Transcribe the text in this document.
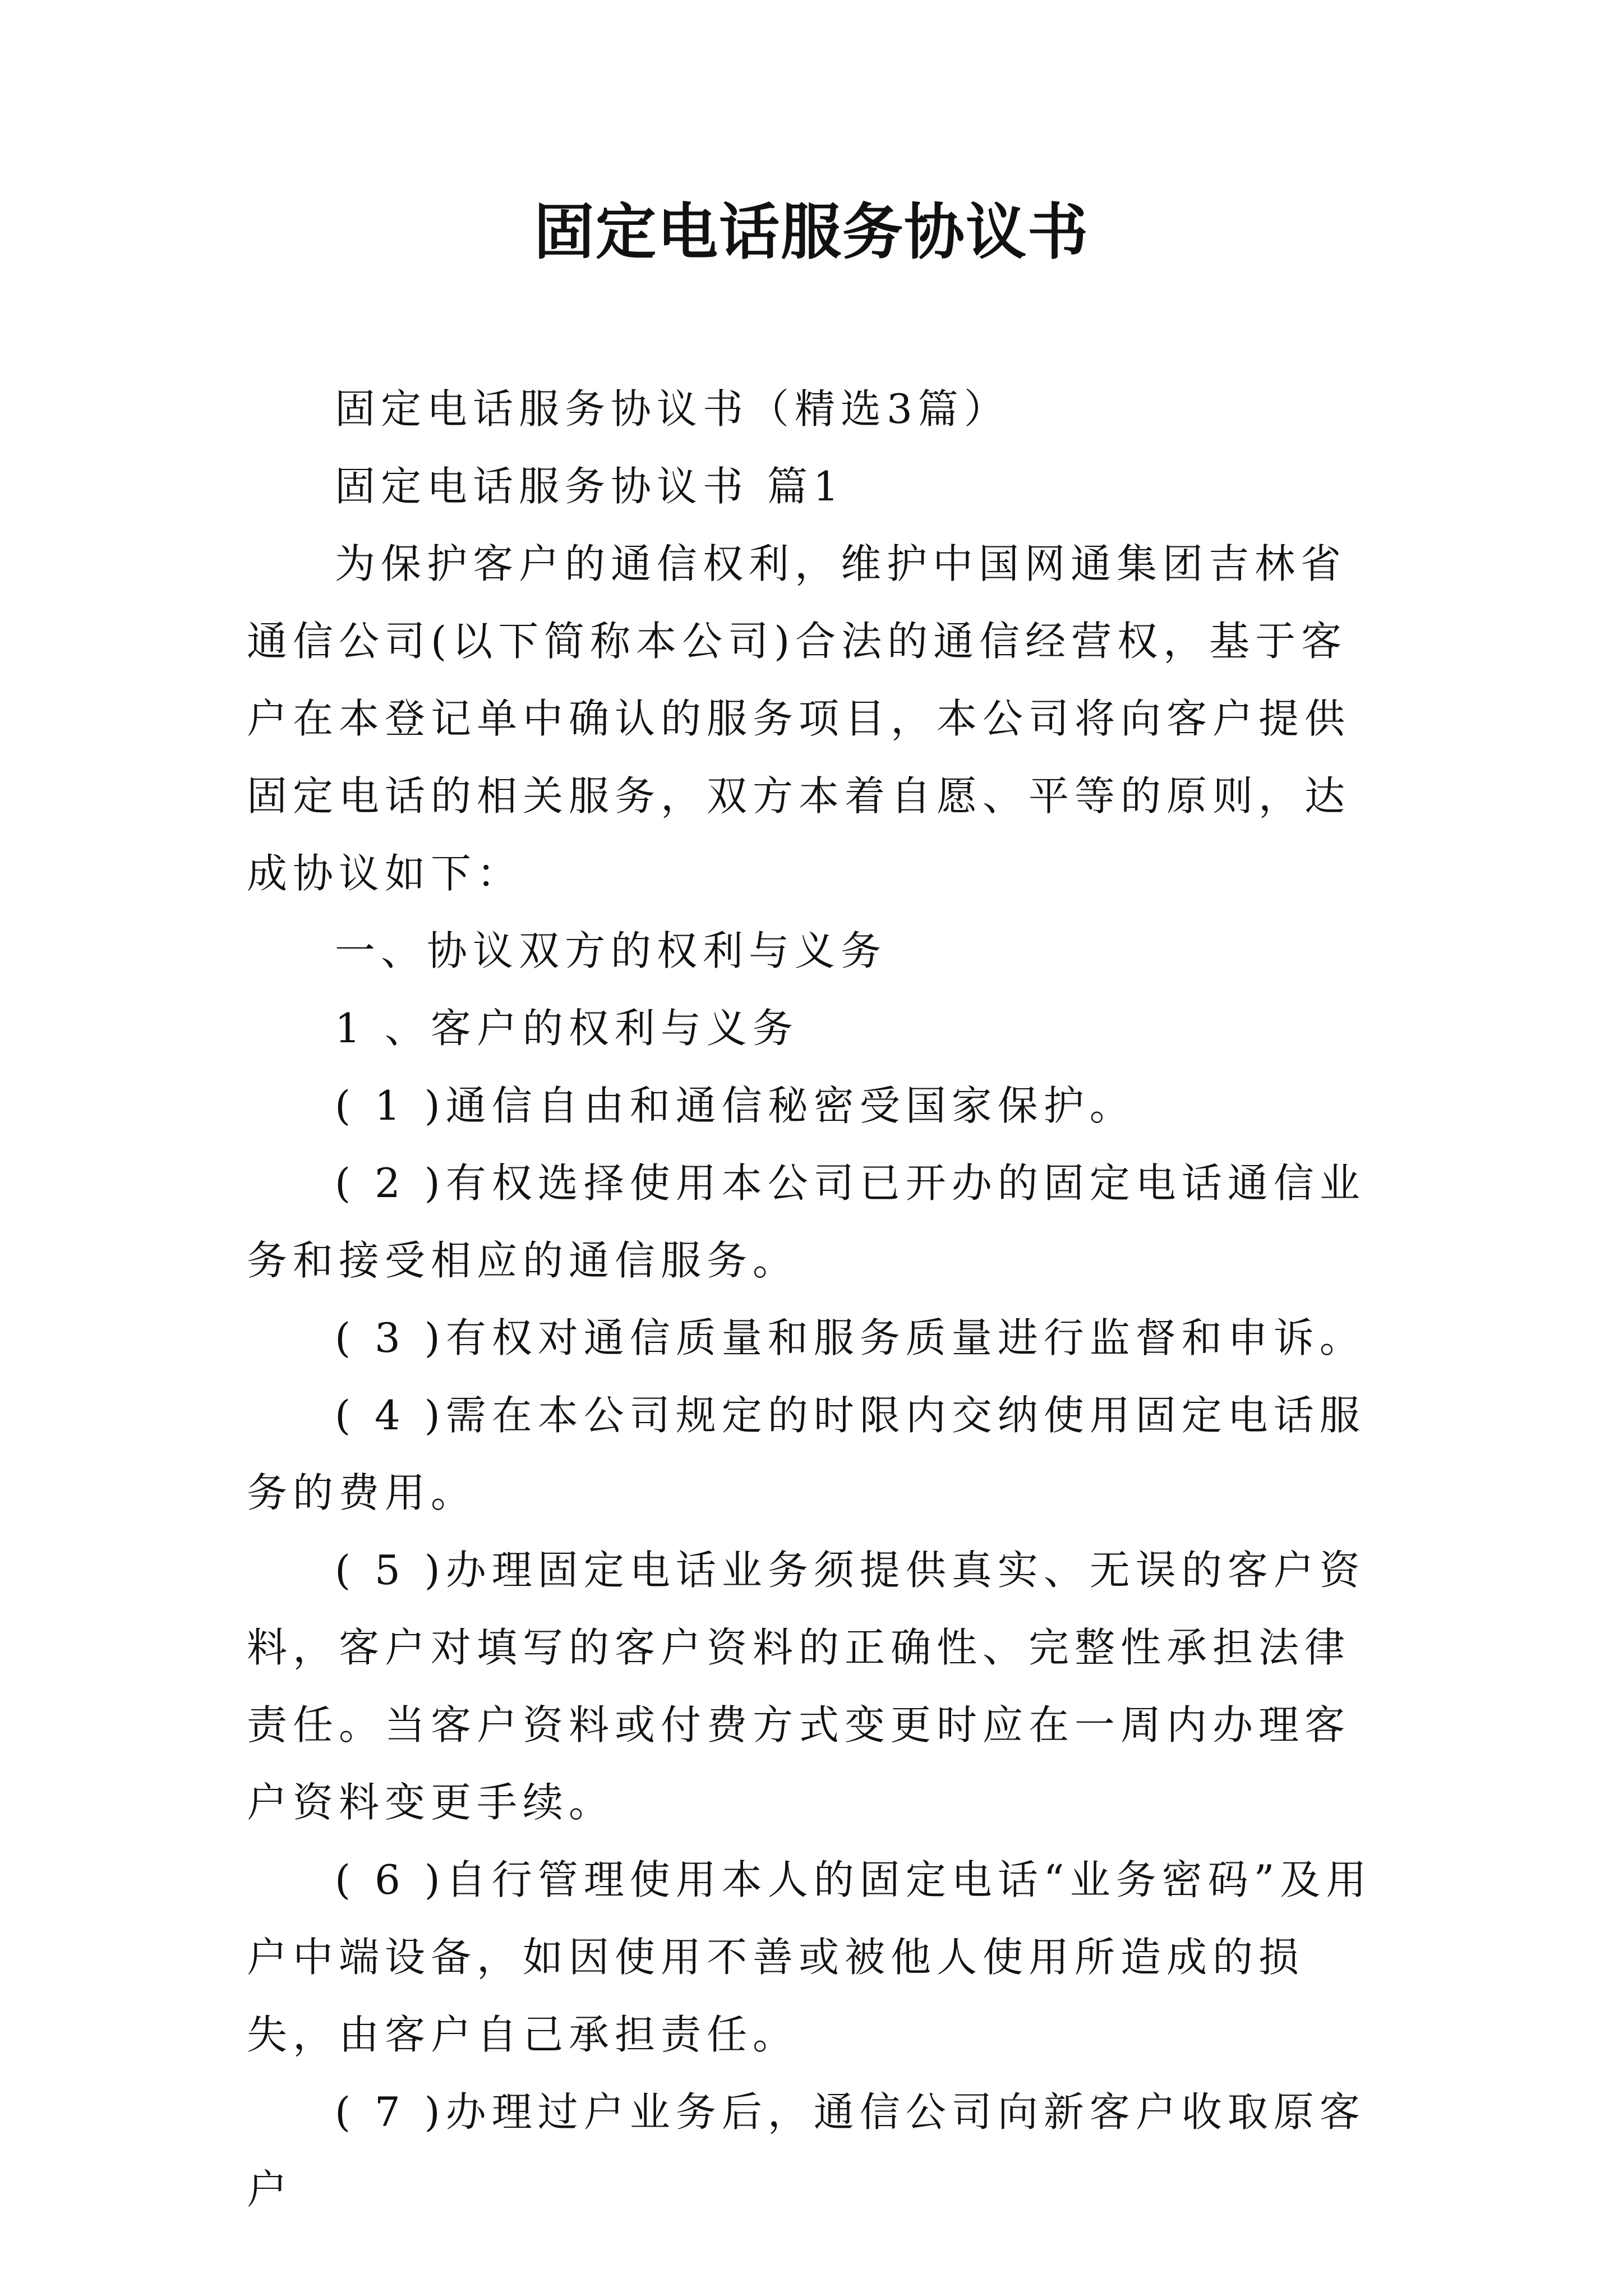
固定电话服务协议书

固定电话服务协议书（精选3篇）

固定电话服务协议书 篇1

为保护客户的通信权利，维护中国网通集团吉林省通信公司(以下简称本公司)合法的通信经营权，基于客户在本登记单中确认的服务项目，本公司将向客户提供固定电话的相关服务，双方本着自愿、平等的原则，达成协议如下：

一、协议双方的权利与义务

1 、客户的权利与义务

( 1 )通信自由和通信秘密受国家保护。

( 2 )有权选择使用本公司已开办的固定电话通信业务和接受相应的通信服务。

( 3 )有权对通信质量和服务质量进行监督和申诉。

( 4 )需在本公司规定的时限内交纳使用固定电话服务的费用。

( 5 )办理固定电话业务须提供真实、无误的客户资料，客户对填写的客户资料的正确性、完整性承担法律责任。当客户资料或付费方式变更时应在一周内办理客户资料变更手续。

( 6 )自行管理使用本人的固定电话“业务密码”及用户中端设备，如因使用不善或被他人使用所造成的损失，由客户自己承担责任。

( 7 )办理过户业务后，通信公司向新客户收取原客户
